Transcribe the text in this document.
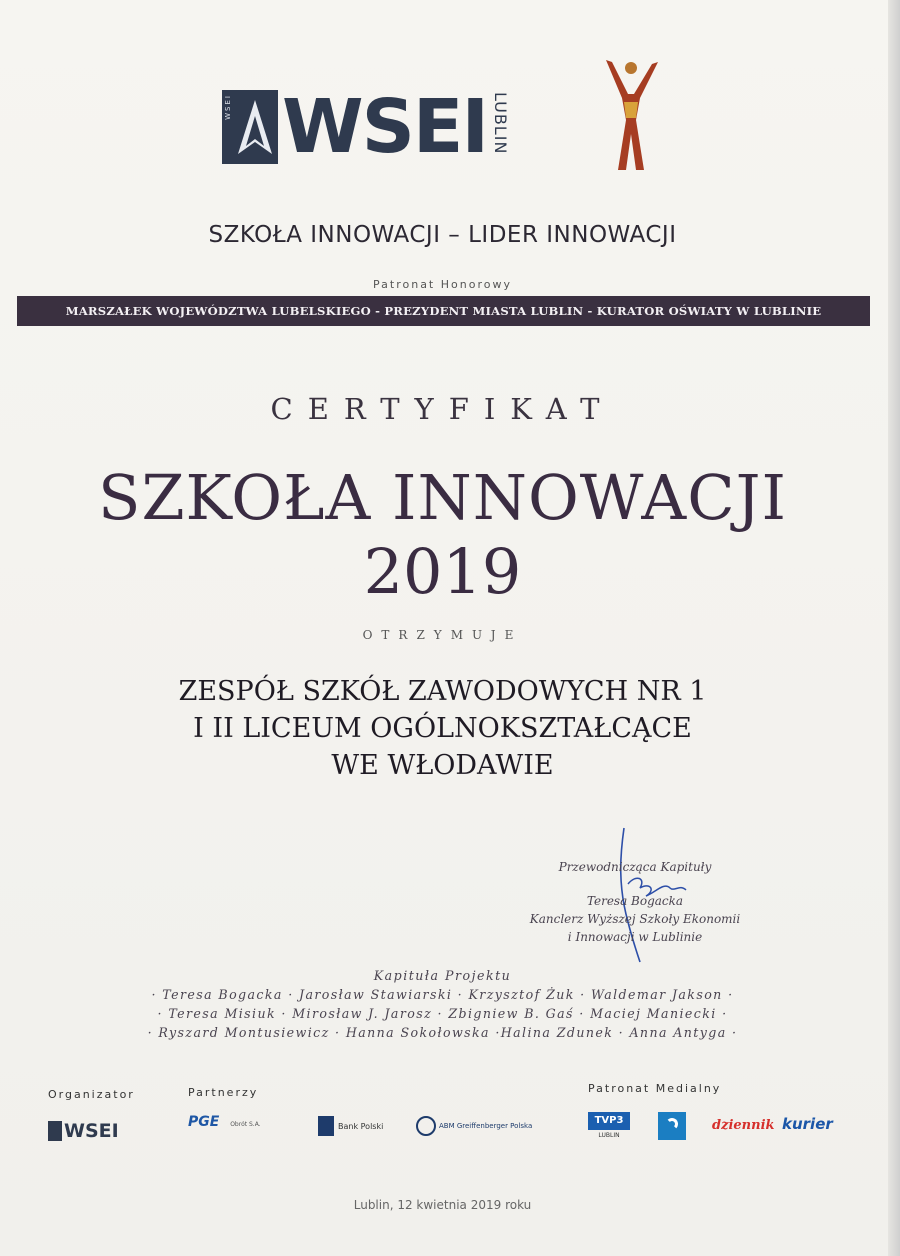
WSEI WSEI LUBLIN
SZKOŁA INNOWACJI – LIDER INNOWACJI
Patronat Honorowy
MARSZAŁEK WOJEWÓDZTWA LUBELSKIEGO - PREZYDENT MIASTA LUBLIN - KURATOR OŚWIATY W LUBLINIE
CERTYFIKAT
SZKOŁA INNOWACJI
2019
OTRZYMUJE
ZESPÓŁ SZKÓŁ ZAWODOWYCH NR 1
I II LICEUM OGÓLNOKSZTAŁCĄCE
WE WŁODAWIE
Przewodnicząca Kapituły
Teresa Bogacka
Kanclerz Wyższej Szkoły Ekonomii
i Innowacji w Lublinie
Kapituła Projektu
· Teresa Bogacka · Jarosław Stawiarski · Krzysztof Żuk · Waldemar Jakson ·
· Teresa Misiuk · Mirosław J. Jarosz · Zbigniew B. Gaś · Maciej Maniecki ·
· Ryszard Montusiewicz · Hanna Sokołowska ·Halina Zdunek · Anna Antyga ·
Organizator	Partnerzy	Patronat Medialny
WSEI	PGE Obrót S.A.	Bank Polski	ABM Greiffenberger Polska	TVP3
LUBLIN
dziennik kurier
Lublin, 12 kwietnia 2019 roku
